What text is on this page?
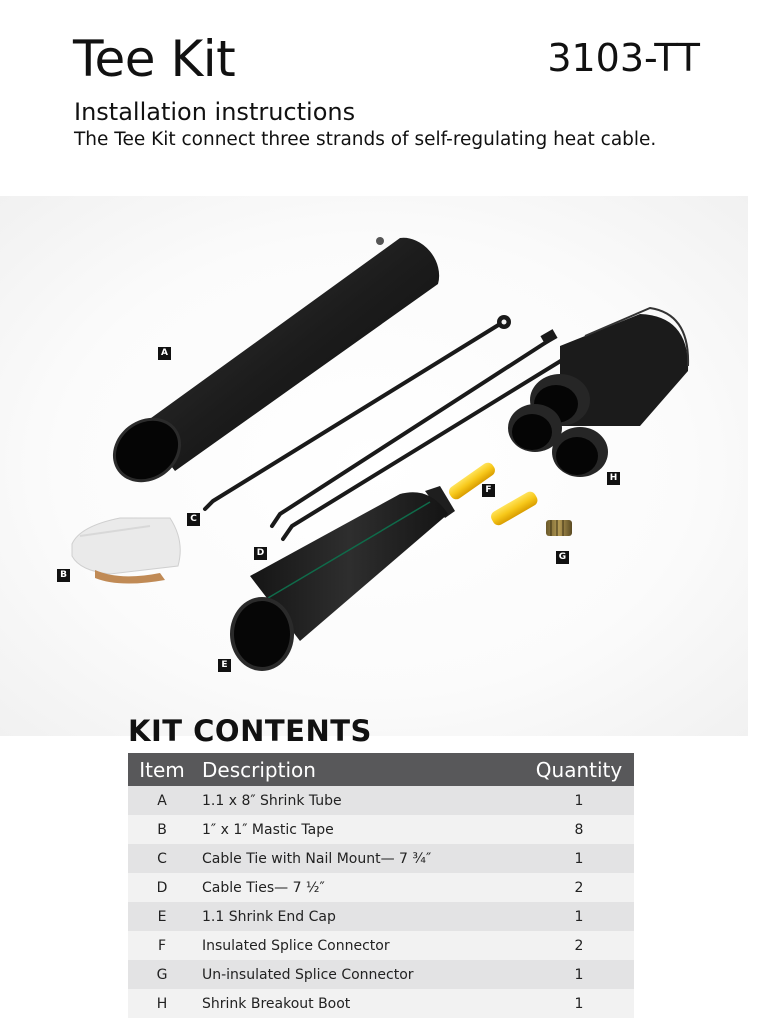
Tee Kit	3103-TT
Installation instructions
The Tee Kit connect three strands of self-regulating heat cable.
A
B
C
D
E
F
G
H
KIT CONTENTS
Item	Description	Quantity
A	1.1 x 8″ Shrink Tube	1
B	1″ x 1″ Mastic Tape	8
C	Cable Tie with Nail Mount— 7 ¾″	1
D	Cable Ties— 7 ½″	2
E	1.1 Shrink End Cap	1
F	Insulated Splice Connector	2
G	Un-insulated Splice Connector	1
H	Shrink Breakout Boot	1
